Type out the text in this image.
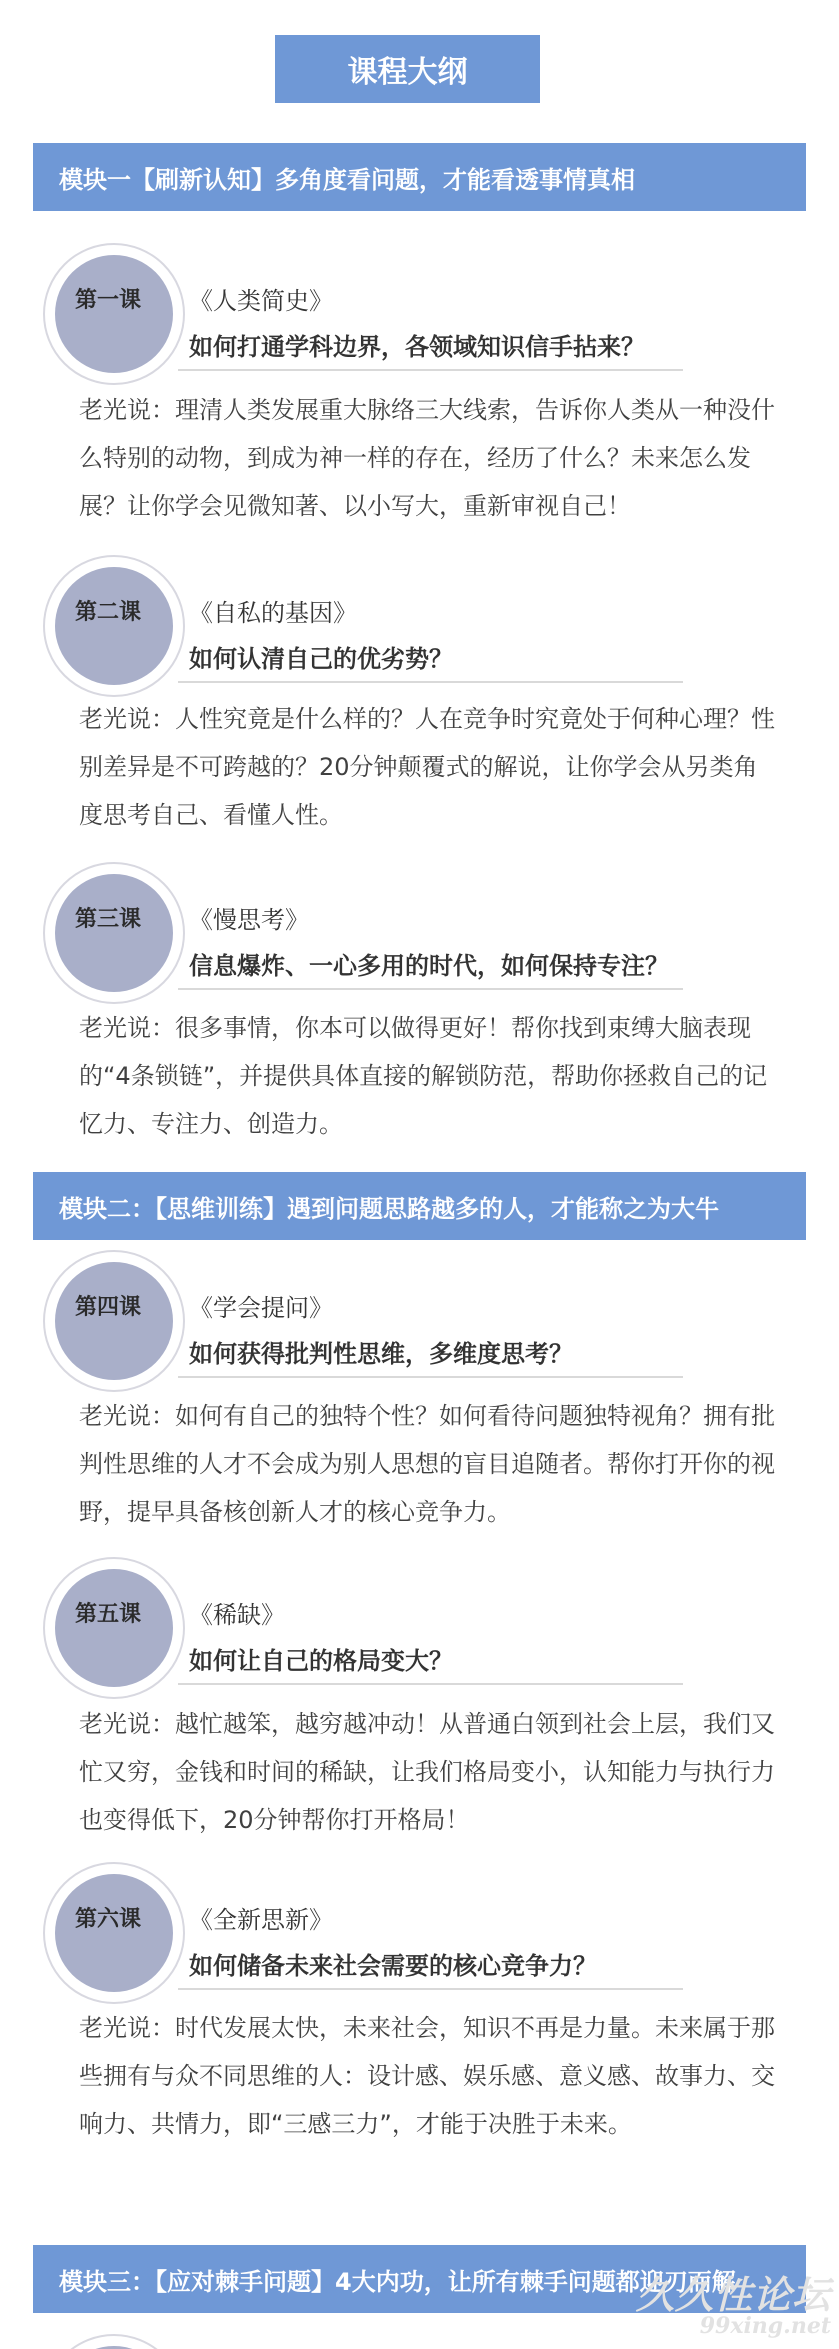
课程大纲
模块一【刷新认知】多角度看问题，才能看透事情真相
第一课 《人类简史》
如何打通学科边界，各领域知识信手拈来？
老光说：理清人类发展重大脉络三大线索，告诉你人类从一种没什么特别的动物，到成为神一样的存在，经历了什么？未来怎么发展？让你学会见微知著、以小写大，重新审视自己！
第二课 《自私的基因》
如何认清自己的优劣势？
老光说：人性究竟是什么样的？人在竞争时究竟处于何种心理？性别差异是不可跨越的？20分钟颠覆式的解说，让你学会从另类角度思考自己、看懂人性。
第三课 《慢思考》
信息爆炸、一心多用的时代，如何保持专注？
老光说：很多事情，你本可以做得更好！帮你找到束缚大脑表现的“4条锁链”，并提供具体直接的解锁防范，帮助你拯救自己的记忆力、专注力、创造力。
模块二：【思维训练】遇到问题思路越多的人，才能称之为大牛
第四课 《学会提问》
如何获得批判性思维，多维度思考？
老光说：如何有自己的独特个性？如何看待问题独特视角？拥有批判性思维的人才不会成为别人思想的盲目追随者。帮你打开你的视野，提早具备核创新人才的核心竞争力。
第五课 《稀缺》
如何让自己的格局变大？
老光说：越忙越笨，越穷越冲动！从普通白领到社会上层，我们又忙又穷，金钱和时间的稀缺，让我们格局变小，认知能力与执行力也变得低下，20分钟帮你打开格局！
第六课 《全新思新》
如何储备未来社会需要的核心竞争力？
老光说：时代发展太快，未来社会，知识不再是力量。未来属于那些拥有与众不同思维的人：设计感、娱乐感、意义感、故事力、交响力、共情力，即“三感三力”，才能于决胜于未来。
模块三：【应对棘手问题】4大内功，让所有棘手问题都迎刃而解
久久性论坛
99xing.net
